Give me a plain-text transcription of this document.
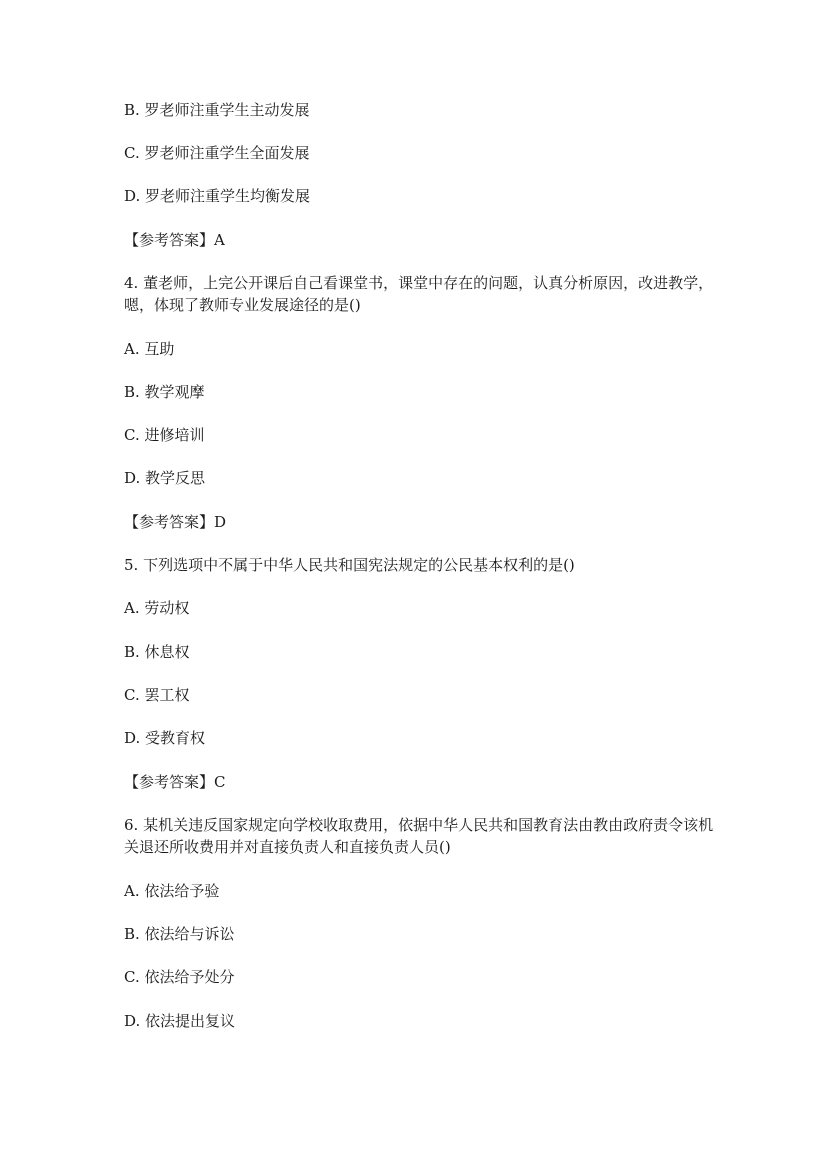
B. 罗老师注重学生主动发展
C. 罗老师注重学生全面发展
D. 罗老师注重学生均衡发展
【参考答案】A
4. 董老师，上完公开课后自己看课堂书，课堂中存在的问题，认真分析原因，改进教学，
嗯，体现了教师专业发展途径的是()
A. 互助
B. 教学观摩
C. 进修培训
D. 教学反思
【参考答案】D
5. 下列选项中不属于中华人民共和国宪法规定的公民基本权利的是()
A. 劳动权
B. 休息权
C. 罢工权
D. 受教育权
【参考答案】C
6. 某机关违反国家规定向学校收取费用，依据中华人民共和国教育法由教由政府责令该机
关退还所收费用并对直接负责人和直接负责人员()
A. 依法给予验
B. 依法给与诉讼
C. 依法给予处分
D. 依法提出复议
